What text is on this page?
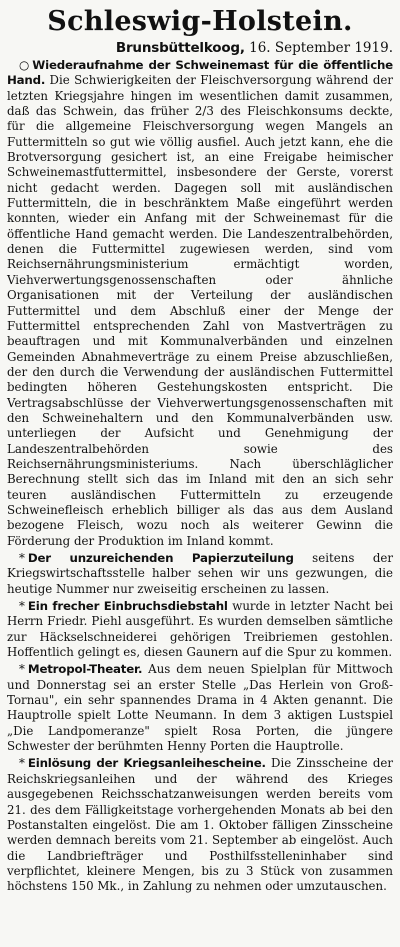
Schleswig-Holstein.
Brunsbüttelkoog, 16. September 1919.

○ Wiederaufnahme der Schweinemast für die öffentliche Hand. Die Schwierigkeiten der Fleischversorgung während der letzten Kriegsjahre hingen im wesentlichen damit zusammen, daß das Schwein, das früher 2/3 des Fleischkonsums deckte, für die allgemeine Fleischversorgung wegen Mangels an Futtermitteln so gut wie völlig ausfiel. Auch jetzt kann, ehe die Brotversorgung gesichert ist, an eine Freigabe heimischer Schweinemastfuttermittel, insbesondere der Gerste, vorerst nicht gedacht werden. Dagegen soll mit ausländischen Futtermitteln, die in beschränktem Maße eingeführt werden konnten, wieder ein Anfang mit der Schweinemast für die öffentliche Hand gemacht werden. Die Landeszentralbehörden, denen die Futtermittel zugewiesen werden, sind vom Reichsernährungsministerium ermächtigt worden, Viehverwertungsgenossenschaften oder ähnliche Organisationen mit der Verteilung der ausländischen Futtermittel und dem Abschluß einer der Menge der Futtermittel entsprechenden Zahl von Mastverträgen zu beauftragen und mit Kommunalverbänden und einzelnen Gemeinden Abnahmeverträge zu einem Preise abzuschließen, der den durch die Verwendung der ausländischen Futtermittel bedingten höheren Gestehungskosten entspricht. Die Vertragsabschlüsse der Viehverwertungsgenossenschaften mit den Schweinehaltern und den Kommunalverbänden usw. unterliegen der Aufsicht und Genehmigung der Landeszentralbehörden sowie des Reichsernährungsministeriums. Nach überschläglicher Berechnung stellt sich das im Inland mit den an sich sehr teuren ausländischen Futtermitteln zu erzeugende Schweinefleisch erheblich billiger als das aus dem Ausland bezogene Fleisch, wozu noch als weiterer Gewinn die Förderung der Produktion im Inland kommt.

* Der unzureichenden Papierzuteilung seitens der Kriegswirtschaftsstelle halber sehen wir uns gezwungen, die heutige Nummer nur zweiseitig erscheinen zu lassen.

* Ein frecher Einbruchsdiebstahl wurde in letzter Nacht bei Herrn Friedr. Piehl ausgeführt. Es wurden demselben sämtliche zur Häckselschneiderei gehörigen Treibriemen gestohlen. Hoffentlich gelingt es, diesen Gaunern auf die Spur zu kommen.

* Metropol-Theater. Aus dem neuen Spielplan für Mittwoch und Donnerstag sei an erster Stelle „Das Herlein von Groß-Tornau", ein sehr spannendes Drama in 4 Akten genannt. Die Hauptrolle spielt Lotte Neumann. In dem 3 aktigen Lustspiel „Die Landpomeranze" spielt Rosa Porten, die jüngere Schwester der berühmten Henny Porten die Hauptrolle.

* Einlösung der Kriegsanleihescheine. Die Zinsscheine der Reichskriegsanleihen und der während des Krieges ausgegebenen Reichsschatzanweisungen werden bereits vom 21. des dem Fälligkeitstage vorhergehenden Monats ab bei den Postanstalten eingelöst. Die am 1. Oktober fälligen Zinsscheine werden demnach bereits vom 21. September ab eingelöst. Auch die Landbriefträger und Posthilfsstelleninhaber sind verpflichtet, kleinere Mengen, bis zu 3 Stück von zusammen höchstens 150 Mk., in Zahlung zu nehmen oder umzutauschen.
